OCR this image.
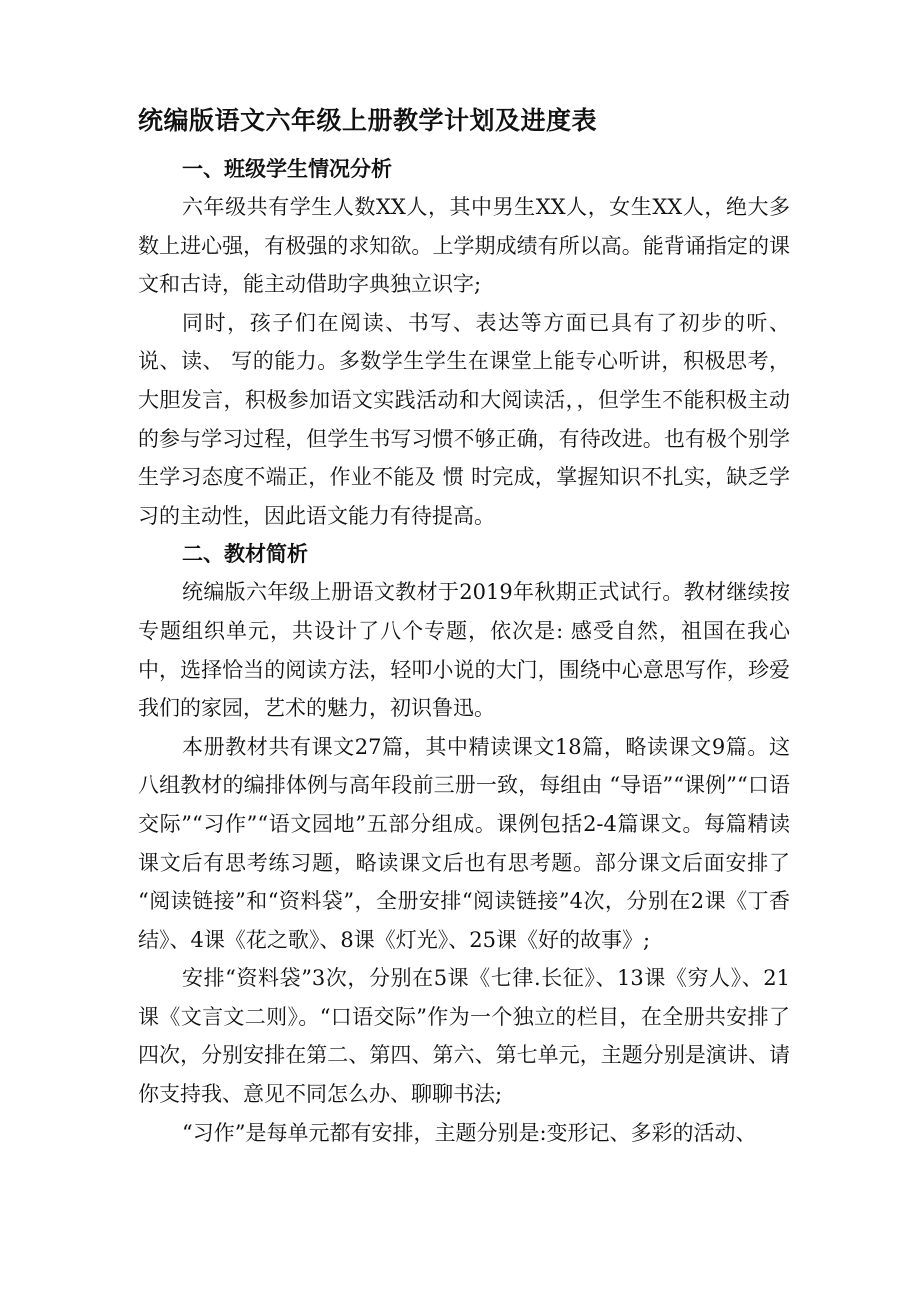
统编版语文六年级上册教学计划及进度表
一、班级学生情况分析

六年级共有学生人数XX人，其中男生XX人，女生XX人，绝大多数上进心强，有极强的求知欲。上学期成绩有所以高。能背诵指定的课文和古诗，能主动借助字典独立识字;

同时，孩子们在阅读、书写、表达等方面已具有了初步的听、说、读、 写的能力。多数学生学生在课堂上能专心听讲，积极思考，大胆发言，积极参加语文实践活动和大阅读活，，但学生不能积极主动的参与学习过程，但学生书写习惯不够正确，有待改进。也有极个别学生学习态度不端正，作业不能及 惯 时完成，掌握知识不扎实，缺乏学习的主动性，因此语文能力有待提高。

二、教材简析

统编版六年级上册语文教材于2019年秋期正式试行。教材继续按专题组织单元，共设计了八个专题，依次是: 感受自然，祖国在我心中，选择恰当的阅读方法，轻叩小说的大门，围绕中心意思写作，珍爱我们的家园，艺术的魅力，初识鲁迅。

本册教材共有课文27篇，其中精读课文18篇，略读课文9篇。这八组教材的编排体例与高年段前三册一致，每组由 “导语”“课例”“口语交际”“习作”“语文园地”五部分组成。课例包括2-4篇课文。每篇精读课文后有思考练习题，略读课文后也有思考题。部分课文后面安排了 “阅读链接”和“资料袋”，全册安排“阅读链接”4次，分别在2课《丁香结》、4课《花之歌》、8课《灯光》、25课《好的故事》;

安排“资料袋”3次，分别在5课《七律.长征》、13课《穷人》、21课《文言文二则》。“口语交际”作为一个独立的栏目，在全册共安排了四次，分别安排在第二、第四、第六、第七单元，主题分别是演讲、请你支持我、意见不同怎么办、聊聊书法;

“习作”是每单元都有安排，主题分别是:变形记、多彩的活动、
